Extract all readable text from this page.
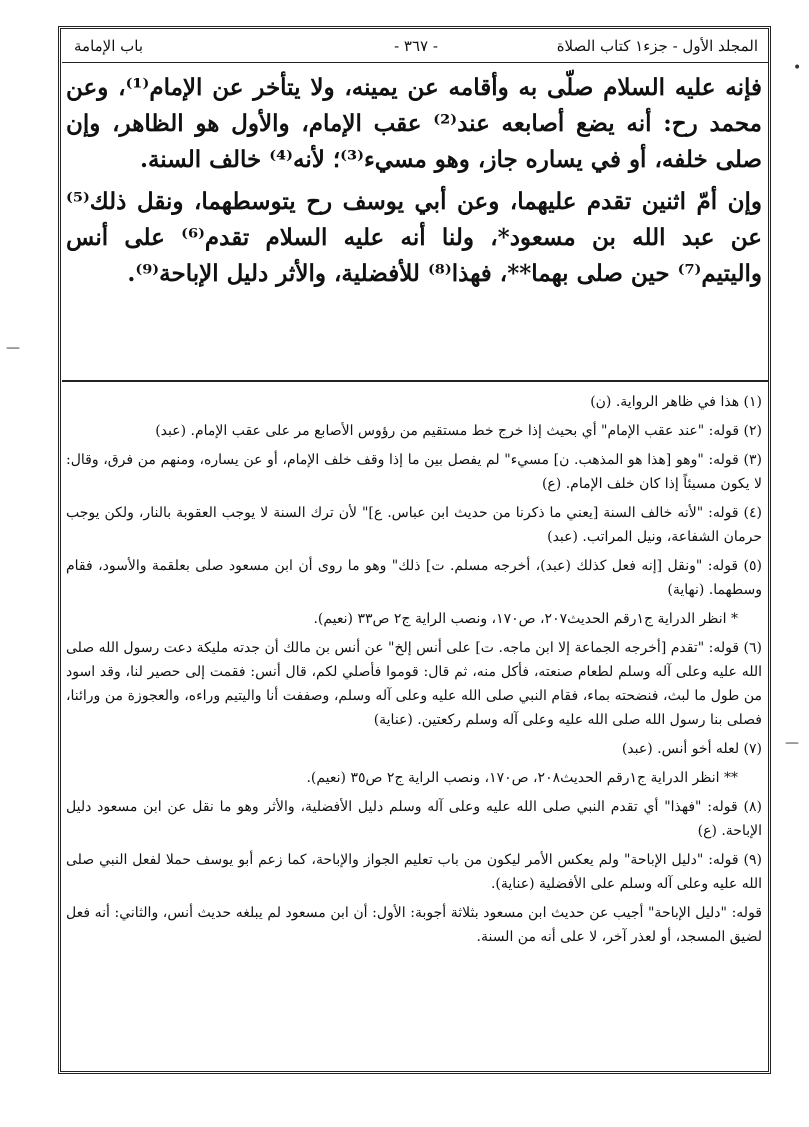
المجلد الأول - جزء١ كتاب الصلاة
- ٣٦٧ -
باب الإمامة

فإنه عليه السلام صلّى به وأقامه عن يمينه، ولا يتأخر عن الإمام⁽¹⁾، وعن محمد رح: أنه يضع أصابعه عند⁽²⁾ عقب الإمام، والأول هو الظاهر، وإن صلى خلفه، أو في يساره جاز، وهو مسيء⁽³⁾؛ لأنه⁽⁴⁾ خالف السنة.

وإن أمّ اثنين تقدم عليهما، وعن أبي يوسف رح يتوسطهما، ونقل ذلك⁽⁵⁾ عن عبد الله بن مسعود*، ولنا أنه عليه السلام تقدم⁽⁶⁾ على أنس واليتيم⁽⁷⁾ حين صلى بهما**، فهذا⁽⁸⁾ للأفضلية، والأثر دليل الإباحة⁽⁹⁾.

(١) هذا في ظاهر الرواية. (ن)

(٢) قوله: "عند عقب الإمام" أي بحيث إذا خرج خط مستقيم من رؤوس الأصابع مر على عقب الإمام. (عبد)

(٣) قوله: "وهو [هذا هو المذهب. ن] مسيء" لم يفصل بين ما إذا وقف خلف الإمام، أو عن يساره، ومنهم من فرق، وقال: لا يكون مسيئاً إذا كان خلف الإمام. (ع)

(٤) قوله: "لأنه خالف السنة [يعني ما ذكرنا من حديث ابن عباس. ع]" لأن ترك السنة لا يوجب العقوبة بالنار، ولكن يوجب حرمان الشفاعة، ونيل المراتب. (عبد)

(٥) قوله: "ونقل [إنه فعل كذلك (عبد)، أخرجه مسلم. ت] ذلك" وهو ما روى أن ابن مسعود صلى بعلقمة والأسود، فقام وسطهما. (نهاية)

* انظر الدراية ج١رقم الحديث٢٠٧، ص١٧٠، ونصب الراية ج٢ ص٣٣ (نعيم).

(٦) قوله: "تقدم [أخرجه الجماعة إلا ابن ماجه. ت] على أنس إلخ" عن أنس بن مالك أن جدته مليكة دعت رسول الله صلى الله عليه وعلى آله وسلم لطعام صنعته، فأكل منه، ثم قال: قوموا فأصلي لكم، قال أنس: فقمت إلى حصير لنا، وقد اسود من طول ما لبث، فنضحته بماء، فقام النبي صلى الله عليه وعلى آله وسلم، وصففت أنا واليتيم وراءه، والعجوزة من ورائنا، فصلى بنا رسول الله صلى الله عليه وعلى آله وسلم ركعتين. (عناية)

(٧) لعله أخو أنس. (عبد)

** انظر الدراية ج١رقم الحديث٢٠٨، ص١٧٠، ونصب الراية ج٢ ص٣٥ (نعيم).

(٨) قوله: "فهذا" أي تقدم النبي صلى الله عليه وعلى آله وسلم دليل الأفضلية، والأثر وهو ما نقل عن ابن مسعود دليل الإباحة. (ع)

(٩) قوله: "دليل الإباحة" ولم يعكس الأمر ليكون من باب تعليم الجواز والإباحة، كما زعم أبو يوسف حملا لفعل النبي صلى الله عليه وعلى آله وسلم على الأفضلية (عناية).

قوله: "دليل الإباحة" أجيب عن حديث ابن مسعود بثلاثة أجوبة: الأول: أن ابن مسعود لم يبلغه حديث أنس، والثاني: أنه فعل لضيق المسجد، أو لعذر آخر، لا على أنه من السنة.

•
—
—
